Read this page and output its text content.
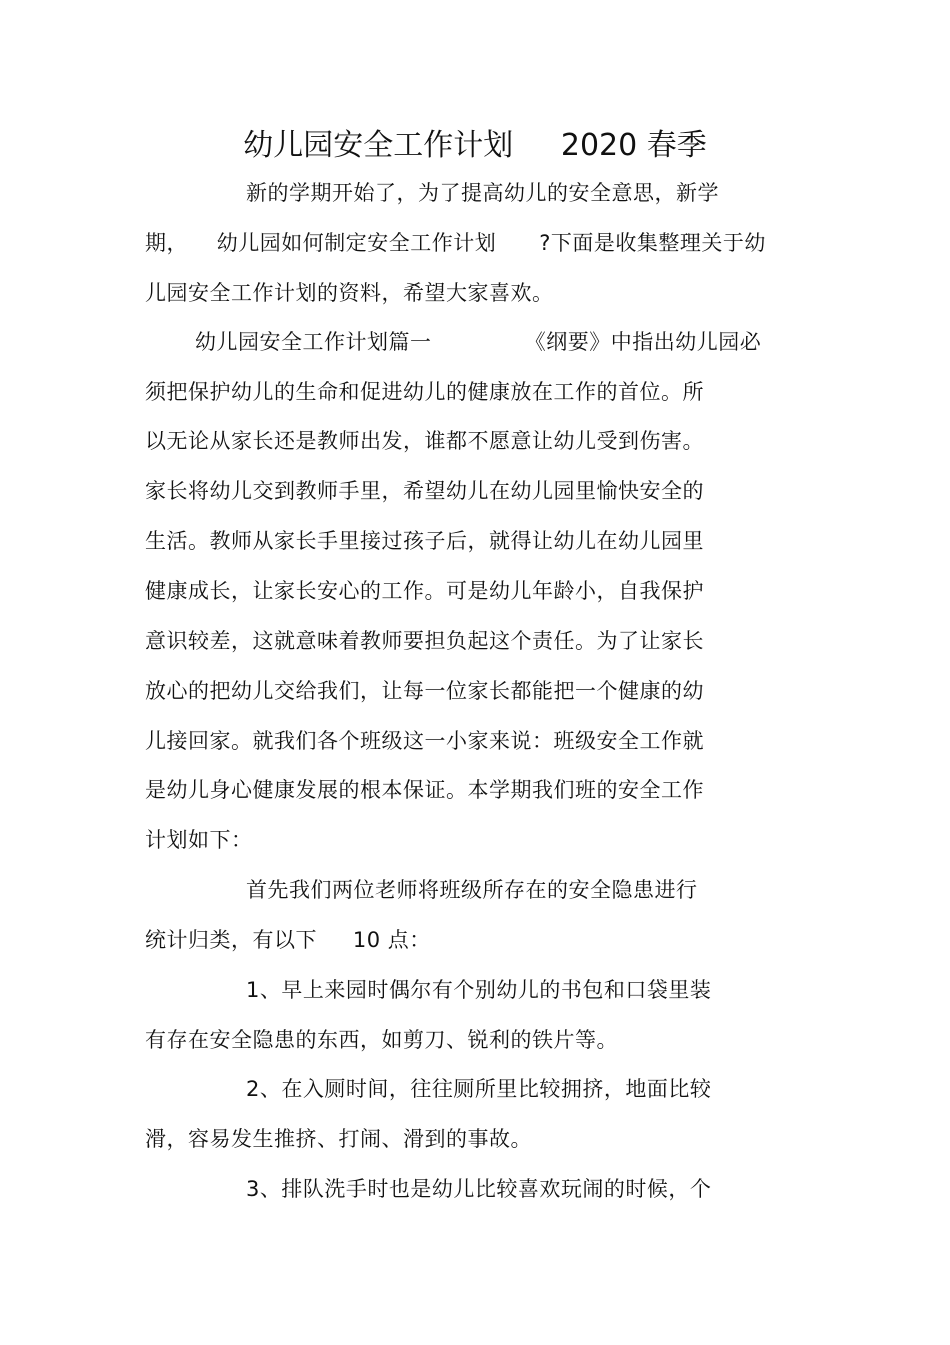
幼儿园安全工作计划     2020 春季
新的学期开始了，为了提高幼儿的安全意思，新学
期，    幼儿园如何制定安全工作计划      ?下面是收集整理关于幼
儿园安全工作计划的资料，希望大家喜欢。
幼儿园安全工作计划篇一             《纲要》中指出幼儿园必
须把保护幼儿的生命和促进幼儿的健康放在工作的首位。所
以无论从家长还是教师出发，谁都不愿意让幼儿受到伤害。
家长将幼儿交到教师手里，希望幼儿在幼儿园里愉快安全的
生活。教师从家长手里接过孩子后，就得让幼儿在幼儿园里
健康成长，让家长安心的工作。可是幼儿年龄小，自我保护
意识较差，这就意味着教师要担负起这个责任。为了让家长
放心的把幼儿交给我们，让每一位家长都能把一个健康的幼
儿接回家。就我们各个班级这一小家来说：班级安全工作就
是幼儿身心健康发展的根本保证。本学期我们班的安全工作
计划如下：
首先我们两位老师将班级所存在的安全隐患进行
统计归类，有以下     10 点：
1、早上来园时偶尔有个别幼儿的书包和口袋里装
有存在安全隐患的东西，如剪刀、锐利的铁片等。
2、在入厕时间，往往厕所里比较拥挤，地面比较
滑，容易发生推挤、打闹、滑到的事故。
3、排队洗手时也是幼儿比较喜欢玩闹的时候，个
